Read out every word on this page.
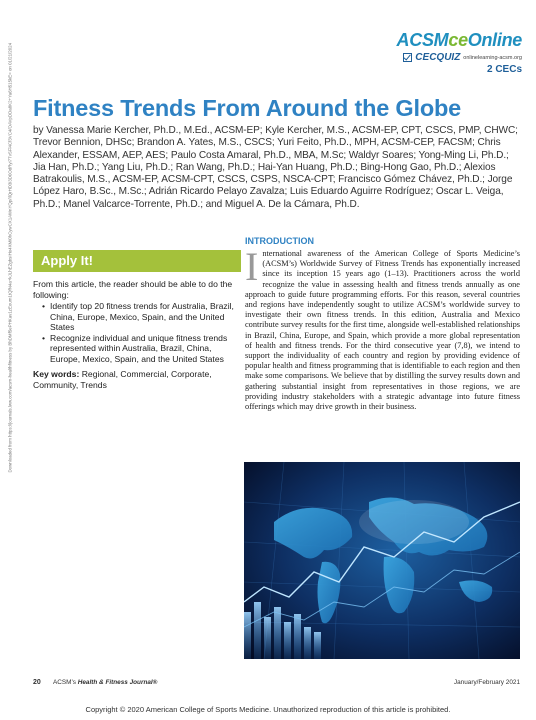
Downloaded from https://journals.lww.com/acsm-healthfitness by BhDMf5ePHKav1zEoum1tQfN4a+kJLhEZgbsIHo4XMi0hCywCX1AWnYQp/IlQrHD3i3D0OdRyi7TvSFl4Cf3VC4/OAVpDDa8K2+Ya6H515kE= on 01/21/2024
ACSMceOnline
CECQUIZ onlinelearning-acsm.org
2 CECs
Fitness Trends From Around the Globe

by Vanessa Marie Kercher, Ph.D., M.Ed., ACSM-EP; Kyle Kercher, M.S., ACSM-EP, CPT, CSCS, PMP, CHWC; Trevor Bennion, DHSc; Brandon A. Yates, M.S., CSCS; Yuri Feito, Ph.D., MPH, ACSM-CEP, FACSM; Chris Alexander, ESSAM, AEP, AES; Paulo Costa Amaral, Ph.D., MBA, M.Sc; Waldyr Soares; Yong-Ming Li, Ph.D.; Jia Han, Ph.D.; Yang Liu, Ph.D.; Ran Wang, Ph.D.; Hai-Yan Huang, Ph.D.; Bing-Hong Gao, Ph.D.; Alexios Batrakoulis, M.S., ACSM-EP, ACSM-CPT, CSCS, CSPS, NSCA-CPT; Francisco Gómez Chávez, Ph.D.; Jorge López Haro, B.Sc., M.Sc.; Adrián Ricardo Pelayo Zavalza; Luis Eduardo Aguirre Rodríguez; Oscar L. Veiga, Ph.D.; Manel Valcarce-Torrente, Ph.D.; and Miguel A. De la Cámara, Ph.D.

Apply It!

From this article, the reader should be able to do the following:

• Identify top 20 fitness trends for Australia, Brazil, China, Europe, Mexico, Spain, and the United States
• Recognize individual and unique fitness trends represented within Australia, Brazil, China, Europe, Mexico, Spain, and the United States

Key words: Regional, Commercial, Corporate, Community, Trends

INTRODUCTION

International awareness of the American College of Sports Medicine’s (ACSM’s) Worldwide Survey of Fitness Trends has exponentially increased since its inception 15 years ago (1–13). Practitioners across the world recognize the value in assessing health and fitness trends annually as one approach to guide future programming efforts. For this reason, several countries and regions have independently sought to utilize ACSM’s worldwide survey to investigate their own fitness trends. In this edition, Australia and Mexico contribute survey results for the first time, alongside well-established relationships in Brazil, China, Europe, and Spain, which provide a more global representation of health and fitness trends. For the third consecutive year (7,8), we intend to support the individuality of each country and region by providing evidence of popular health and fitness programming that is identifiable to each region and then make some comparisons. We believe that by distilling the survey results down and gathering substantial insight from representatives in those regions, we are providing industry stakeholders with a strategic advantage into future fitness offerings which may drive growth in their business.

20 ACSM’s Health & Fitness Journal®	January/February 2021
Copyright © 2020 American College of Sports Medicine. Unauthorized reproduction of this article is prohibited.
